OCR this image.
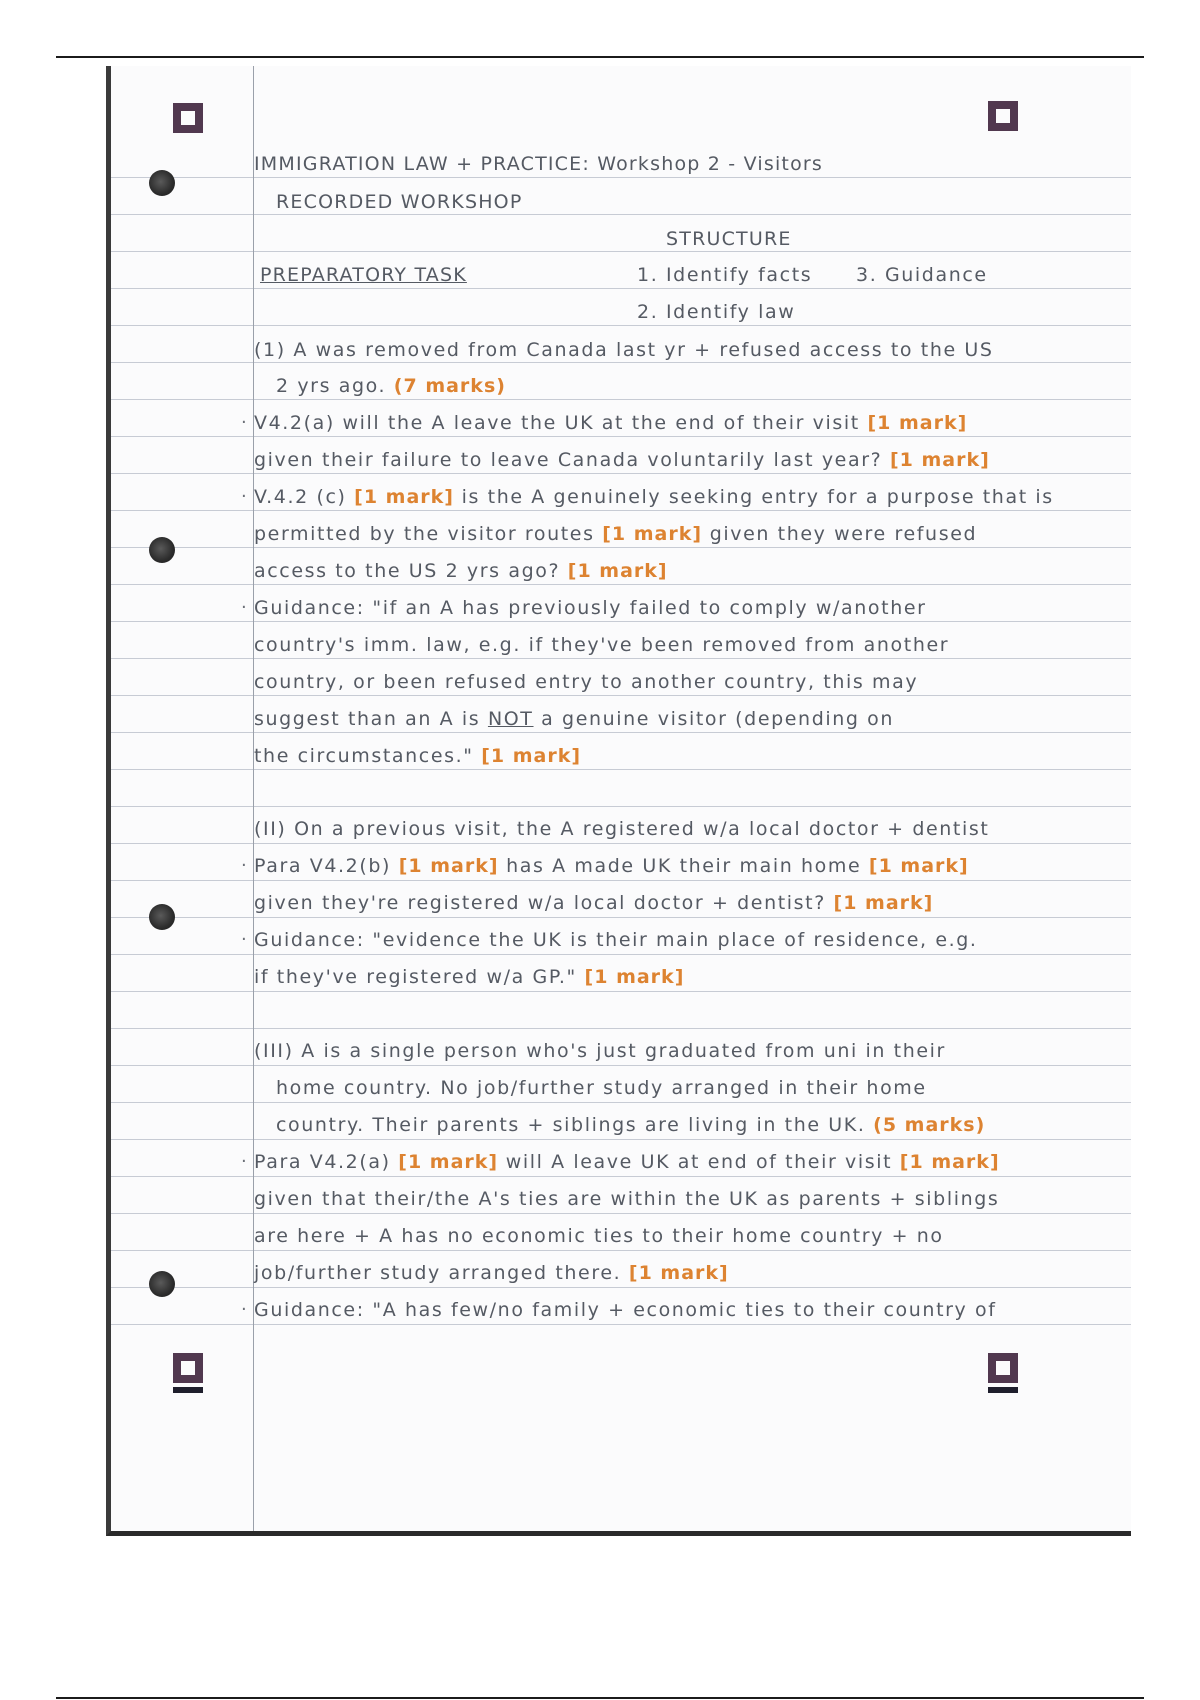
IMMIGRATION LAW + PRACTICE: Workshop 2 - Visitors
RECORDED WORKSHOP
STRUCTURE
PREPARATORY TASK	1. Identify facts 3. Guidance
2. Identify law
(1) A was removed from Canada last yr + refused access to the US
2 yrs ago. (7 marks)
· V4.2(a) will the A leave the UK at the end of their visit [1 mark]
given their failure to leave Canada voluntarily last year? [1 mark]
· V.4.2 (c) [1 mark] is the A genuinely seeking entry for a purpose that is
permitted by the visitor routes [1 mark] given they were refused
access to the US 2 yrs ago? [1 mark]
· Guidance: "if an A has previously failed to comply w/another
country's imm. law, e.g. if they've been removed from another
country, or been refused entry to another country, this may
suggest than an A is NOT a genuine visitor (depending on
the circumstances." [1 mark]
(II) On a previous visit, the A registered w/a local doctor + dentist
· Para V4.2(b) [1 mark] has A made UK their main home [1 mark]
given they're registered w/a local doctor + dentist? [1 mark]
· Guidance: "evidence the UK is their main place of residence, e.g.
if they've registered w/a GP." [1 mark]
(III) A is a single person who's just graduated from uni in their
home country. No job/further study arranged in their home
country. Their parents + siblings are living in the UK. (5 marks)
· Para V4.2(a) [1 mark] will A leave UK at end of their visit [1 mark]
given that their/the A's ties are within the UK as parents + siblings
are here + A has no economic ties to their home country + no
job/further study arranged there. [1 mark]
· Guidance: "A has few/no family + economic ties to their country of
